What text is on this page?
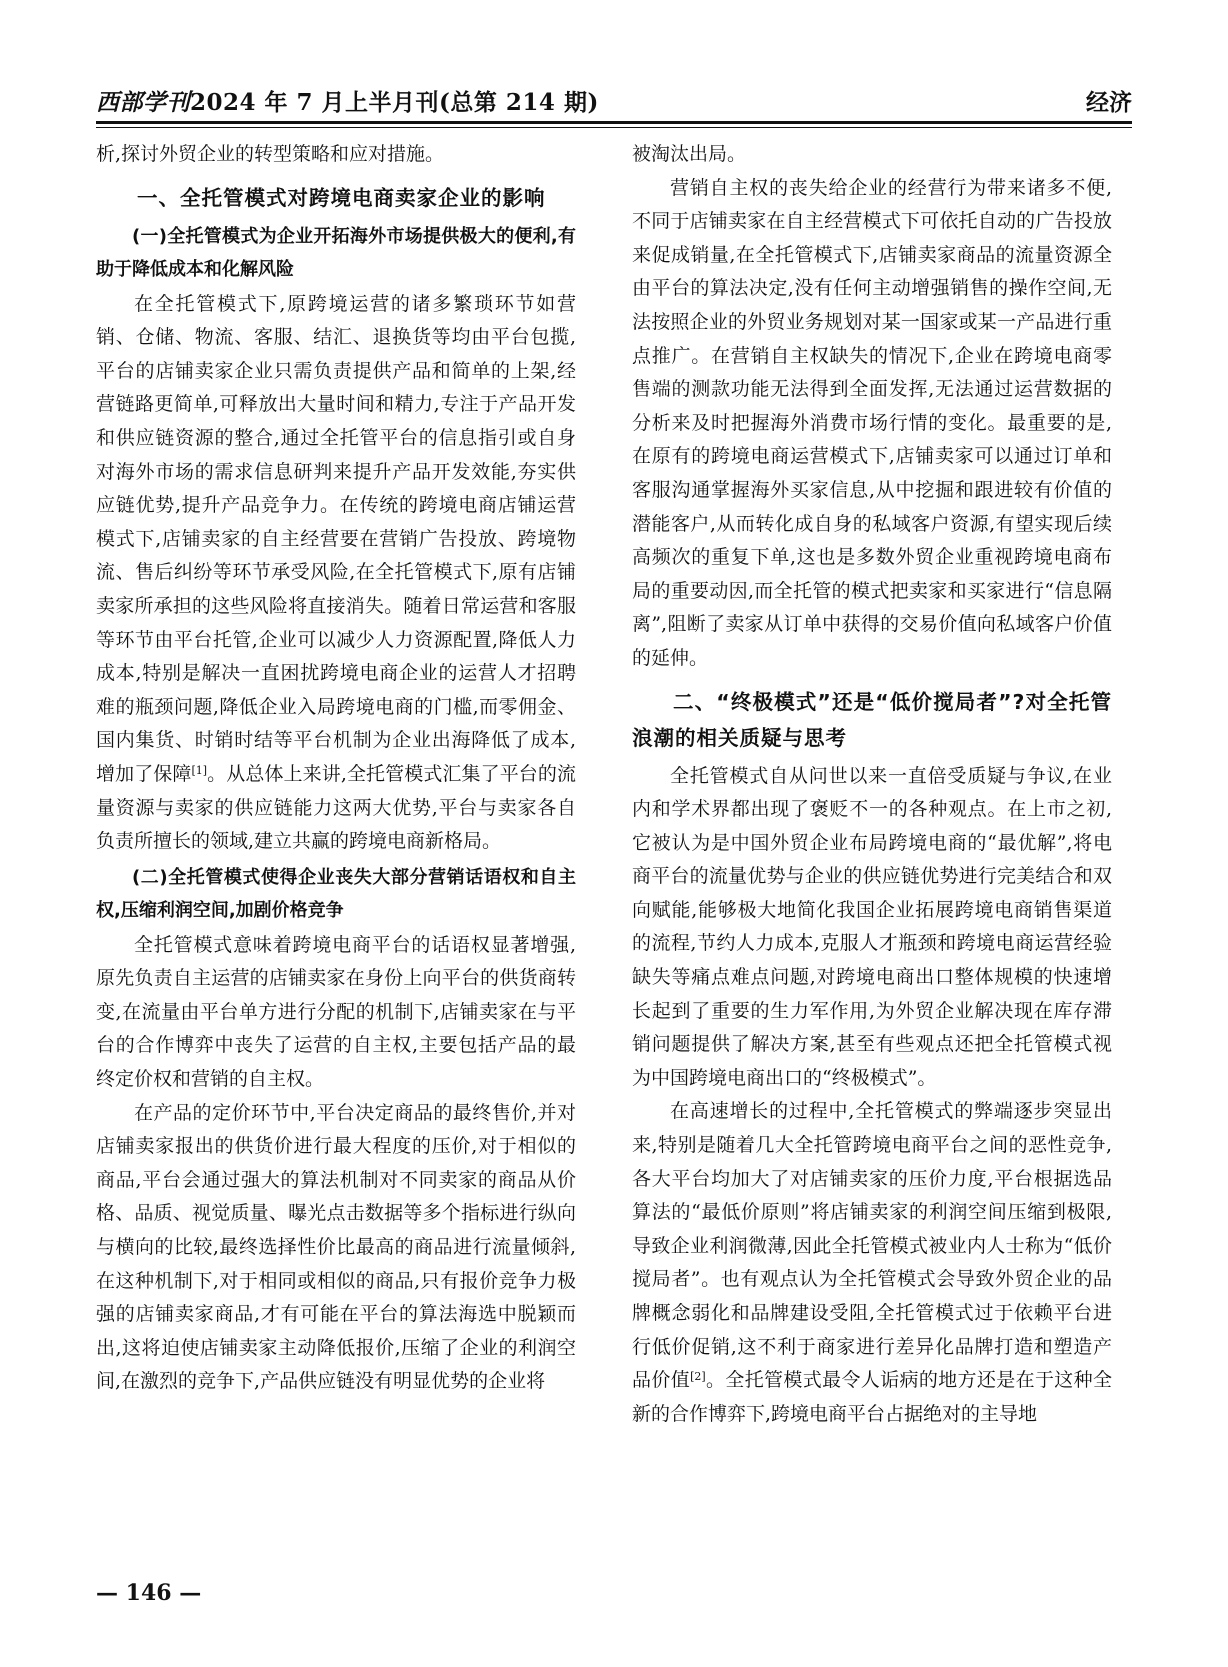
西部学刊2024 年 7 月上半月刊(总第 214 期)	经济

析,探讨外贸企业的转型策略和应对措施。

一、全托管模式对跨境电商卖家企业的影响
(一)全托管模式为企业开拓海外市场提供极大的便利,有助于降低成本和化解风险

在全托管模式下,原跨境运营的诸多繁琐环节如营销、仓储、物流、客服、结汇、退换货等均由平台包揽,平台的店铺卖家企业只需负责提供产品和简单的上架,经营链路更简单,可释放出大量时间和精力,专注于产品开发和供应链资源的整合,通过全托管平台的信息指引或自身对海外市场的需求信息研判来提升产品开发效能,夯实供应链优势,提升产品竞争力。在传统的跨境电商店铺运营模式下,店铺卖家的自主经营要在营销广告投放、跨境物流、售后纠纷等环节承受风险,在全托管模式下,原有店铺卖家所承担的这些风险将直接消失。随着日常运营和客服等环节由平台托管,企业可以减少人力资源配置,降低人力成本,特别是解决一直困扰跨境电商企业的运营人才招聘难的瓶颈问题,降低企业入局跨境电商的门槛,而零佣金、国内集货、时销时结等平台机制为企业出海降低了成本,增加了保障[1]。从总体上来讲,全托管模式汇集了平台的流量资源与卖家的供应链能力这两大优势,平台与卖家各自负责所擅长的领域,建立共赢的跨境电商新格局。

(二)全托管模式使得企业丧失大部分营销话语权和自主权,压缩利润空间,加剧价格竞争

全托管模式意味着跨境电商平台的话语权显著增强,原先负责自主运营的店铺卖家在身份上向平台的供货商转变,在流量由平台单方进行分配的机制下,店铺卖家在与平台的合作博弈中丧失了运营的自主权,主要包括产品的最终定价权和营销的自主权。

在产品的定价环节中,平台决定商品的最终售价,并对店铺卖家报出的供货价进行最大程度的压价,对于相似的商品,平台会通过强大的算法机制对不同卖家的商品从价格、品质、视觉质量、曝光点击数据等多个指标进行纵向与横向的比较,最终选择性价比最高的商品进行流量倾斜,在这种机制下,对于相同或相似的商品,只有报价竞争力极强的店铺卖家商品,才有可能在平台的算法海选中脱颖而出,这将迫使店铺卖家主动降低报价,压缩了企业的利润空间,在激烈的竞争下,产品供应链没有明显优势的企业将

被淘汰出局。

营销自主权的丧失给企业的经营行为带来诸多不便,不同于店铺卖家在自主经营模式下可依托自动的广告投放来促成销量,在全托管模式下,店铺卖家商品的流量资源全由平台的算法决定,没有任何主动增强销售的操作空间,无法按照企业的外贸业务规划对某一国家或某一产品进行重点推广。在营销自主权缺失的情况下,企业在跨境电商零售端的测款功能无法得到全面发挥,无法通过运营数据的分析来及时把握海外消费市场行情的变化。最重要的是,在原有的跨境电商运营模式下,店铺卖家可以通过订单和客服沟通掌握海外买家信息,从中挖掘和跟进较有价值的潜能客户,从而转化成自身的私域客户资源,有望实现后续高频次的重复下单,这也是多数外贸企业重视跨境电商布局的重要动因,而全托管的模式把卖家和买家进行“信息隔离”,阻断了卖家从订单中获得的交易价值向私域客户价值的延伸。

二、“终极模式”还是“低价搅局者”?对全托管浪潮的相关质疑与思考

全托管模式自从问世以来一直倍受质疑与争议,在业内和学术界都出现了褒贬不一的各种观点。在上市之初,它被认为是中国外贸企业布局跨境电商的“最优解”,将电商平台的流量优势与企业的供应链优势进行完美结合和双向赋能,能够极大地简化我国企业拓展跨境电商销售渠道的流程,节约人力成本,克服人才瓶颈和跨境电商运营经验缺失等痛点难点问题,对跨境电商出口整体规模的快速增长起到了重要的生力军作用,为外贸企业解决现在库存滞销问题提供了解决方案,甚至有些观点还把全托管模式视为中国跨境电商出口的“终极模式”。

在高速增长的过程中,全托管模式的弊端逐步突显出来,特别是随着几大全托管跨境电商平台之间的恶性竞争,各大平台均加大了对店铺卖家的压价力度,平台根据选品算法的“最低价原则”将店铺卖家的利润空间压缩到极限,导致企业利润微薄,因此全托管模式被业内人士称为“低价搅局者”。也有观点认为全托管模式会导致外贸企业的品牌概念弱化和品牌建设受阻,全托管模式过于依赖平台进行低价促销,这不利于商家进行差异化品牌打造和塑造产品价值[2]。全托管模式最令人诟病的地方还是在于这种全新的合作博弈下,跨境电商平台占据绝对的主导地

— 146 —
